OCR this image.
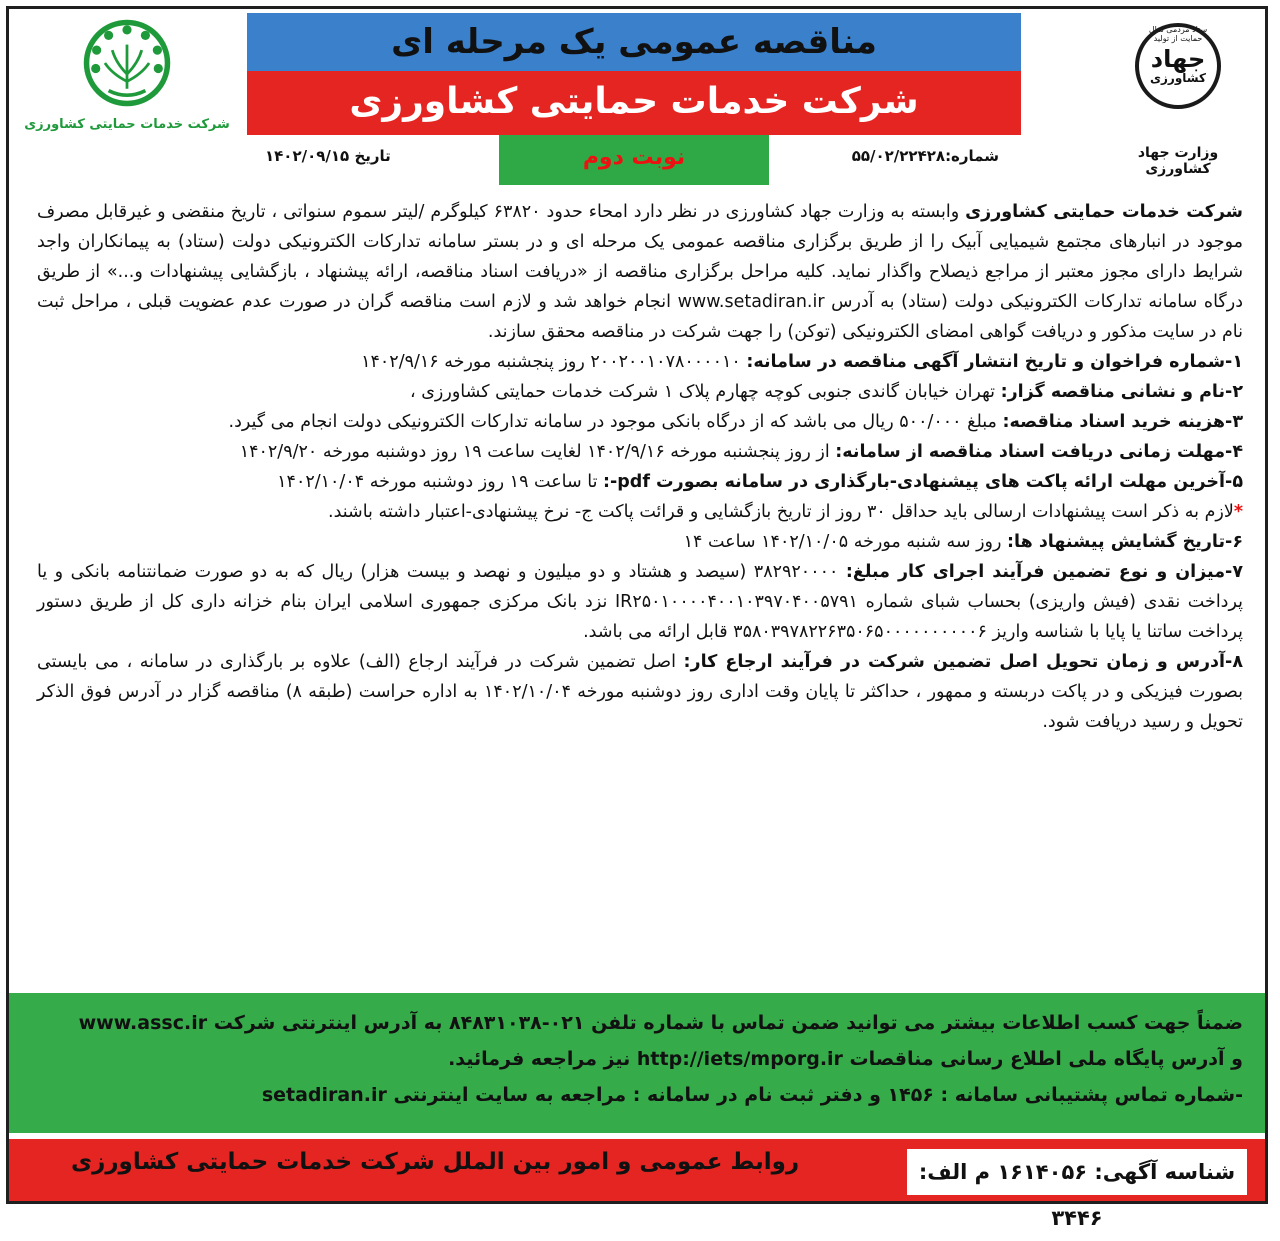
ستاد مردمی سال حمایت از تولید
جهاد
کشاورزی
وزارت جهاد کشاورزی
شرکت خدمات حمایتی کشاورزی
مناقصه عمومی یک مرحله ای
شرکت خدمات حمایتی کشاورزی
نوبت دوم	شماره:۵۵/۰۲/۲۲۴۲۸
تاریخ ۱۴۰۲/۰۹/۱۵

شرکت خدمات حمایتی کشاورزی وابسته به وزارت جهاد کشاورزی در نظر دارد امحاء حدود ۶۳۸۲۰ کیلوگرم /لیتر سموم سنواتی ، تاریخ منقضی و غیرقابل مصرف موجود در انبارهای مجتمع شیمیایی آبیک را از طریق برگزاری مناقصه عمومی یک مرحله ای و در بستر سامانه تدارکات الکترونیکی دولت (ستاد) به پیمانکاران واجد شرایط دارای مجوز معتبر از مراجع ذیصلاح واگذار نماید. کلیه مراحل برگزاری مناقصه از «دریافت اسناد مناقصه، ارائه پیشنهاد ، بازگشایی پیشنهادات و...» از طریق درگاه سامانه تدارکات الکترونیکی دولت (ستاد) به آدرس www.setadiran.ir انجام خواهد شد و لازم است مناقصه گران در صورت عدم عضویت قبلی ، مراحل ثبت نام در سایت مذکور و دریافت گواهی امضای الکترونیکی (توکن) را جهت شرکت در مناقصه محقق سازند.

۱-شماره فراخوان و تاریخ انتشار آگهی مناقصه در سامانه: ۲۰۰۲۰۰۱۰۷۸۰۰۰۰۱۰ روز پنجشنبه مورخه ۱۴۰۲/۹/۱۶

۲-نام و نشانی مناقصه گزار: تهران خیابان گاندی جنوبی کوچه چهارم پلاک ۱ شرکت خدمات حمایتی کشاورزی ،

۳-هزینه خرید اسناد مناقصه: مبلغ ۵۰۰/۰۰۰ ریال می باشد که از درگاه بانکی موجود در سامانه تدارکات الکترونیکی دولت انجام می گیرد.

۴-مهلت زمانی دریافت اسناد مناقصه از سامانه: از روز پنجشنبه مورخه ۱۴۰۲/۹/۱۶ لغایت ساعت ۱۹ روز دوشنبه مورخه ۱۴۰۲/۹/۲۰

۵-آخرین مهلت ارائه پاکت های پیشنهادی-بارگذاری در سامانه بصورت pdf-: تا ساعت ۱۹ روز دوشنبه مورخه ۱۴۰۲/۱۰/۰۴

*لازم به ذکر است پیشنهادات ارسالی باید حداقل ۳۰ روز از تاریخ بازگشایی و قرائت پاکت ج- نرخ پیشنهادی-اعتبار داشته باشند.

۶-تاریخ گشایش پیشنهاد ها: روز سه شنبه مورخه ۱۴۰۲/۱۰/۰۵ ساعت ۱۴

۷-میزان و نوع تضمین فرآیند اجرای کار مبلغ: ۳۸۲۹۲۰۰۰۰ (سیصد و هشتاد و دو میلیون و نهصد و بیست هزار) ریال که به دو صورت ضمانتنامه بانکی و یا پرداخت نقدی (فیش واریزی) بحساب شبای شماره IR۲۵۰۱۰۰۰۰۴۰۰۱۰۳۹۷۰۴۰۰۵۷۹۱ نزد بانک مرکزی جمهوری اسلامی ایران بنام خزانه داری کل از طریق دستور پرداخت ساتنا یا پایا با شناسه واریز ۳۵۸۰۳۹۷۸۲۲۶۳۵۰۶۵۰۰۰۰۰۰۰۰۰۰۶ قابل ارائه می باشد.

۸-آدرس و زمان تحویل اصل تضمین شرکت در فرآیند ارجاع کار: اصل تضمین شرکت در فرآیند ارجاع (الف) علاوه بر بارگذاری در سامانه ، می بایستی بصورت فیزیکی و در پاکت دربسته و ممهور ، حداکثر تا پایان وقت اداری روز دوشنبه مورخه ۱۴۰۲/۱۰/۰۴ به اداره حراست (طبقه ۸) مناقصه گزار در آدرس فوق الذکر تحویل و رسید دریافت شود.

ضمناً جهت کسب اطلاعات بیشتر می توانید ضمن تماس با شماره تلفن ۰۲۱-۸۴۸۳۱۰۳۸ به آدرس اینترنتی شرکت www.assc.ir

و آدرس پایگاه ملی اطلاع رسانی مناقصات http://iets/mporg.ir نیز مراجعه فرمائید.

-شماره تماس پشتیبانی سامانه : ۱۴۵۶ و دفتر ثبت نام در سامانه : مراجعه به سایت اینترنتی setadiran.ir

روابط عمومی و امور بین الملل شرکت خدمات حمایتی کشاورزی	شناسه آگهی: ۱۶۱۴۰۵۶ م الف: ۳۴۴۶
